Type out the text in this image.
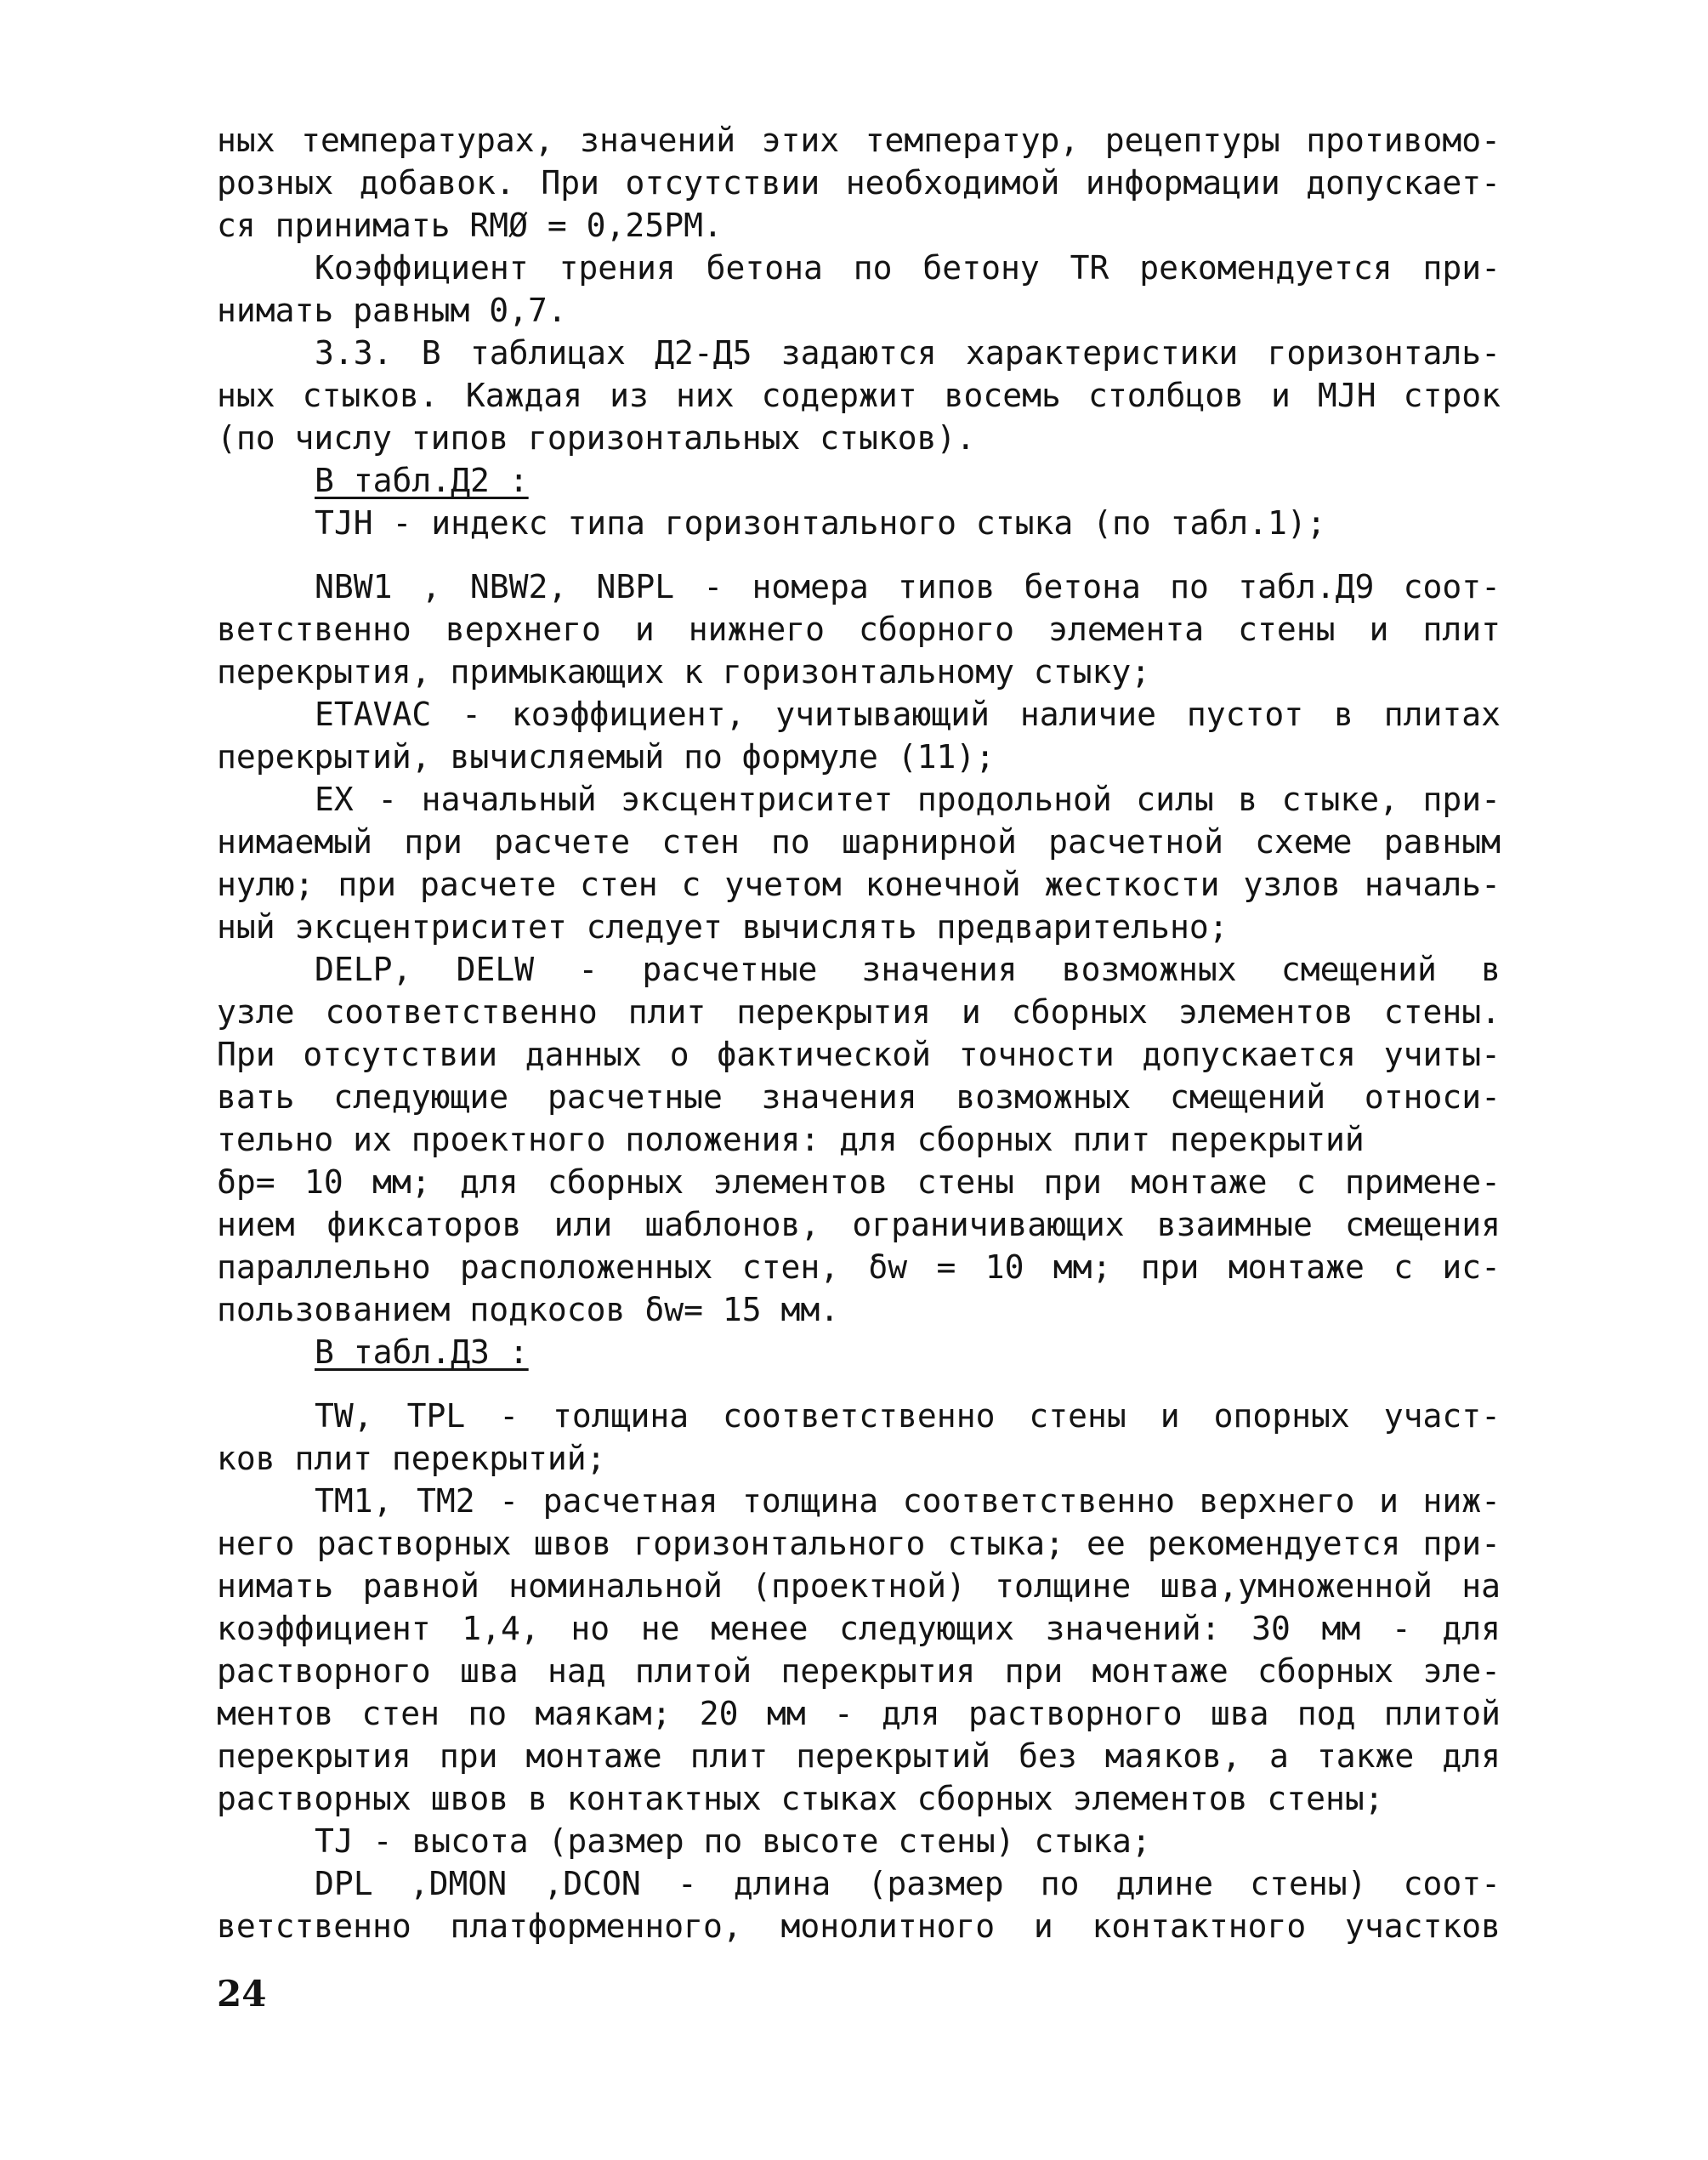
ных температурах, значений этих температур, рецептуры противомо-
розных добавок. При отсутствии необходимой информации допускает-
ся принимать RMØ = 0,25PM.
Коэффициент трения бетона по бетону TR рекомендуется при-
нимать равным 0,7.
3.3. В таблицах Д2-Д5 задаются характеристики горизонталь-
ных стыков. Каждая из них содержит восемь столбцов и MJH строк
(по числу типов горизонтальных стыков).
В табл.Д2 :
TJH - индекс типа горизонтального стыка (по табл.1);
NBW1 , NBW2, NBPL - номера типов бетона по табл.Д9 соот-
ветственно верхнего и нижнего сборного элемента стены и плит
перекрытия, примыкающих к горизонтальному стыку;
ETAVAC - коэффициент, учитывающий наличие пустот в плитах
перекрытий, вычисляемый по формуле (11);
EX - начальный эксцентриситет продольной силы в стыке, при-
нимаемый при расчете стен по шарнирной расчетной схеме равным
нулю; при расчете стен с учетом конечной жесткости узлов началь-
ный эксцентриситет следует вычислять предварительно;
DELP, DELW - расчетные значения возможных смещений в
узле соответственно плит перекрытия и сборных элементов стены.
При отсутствии данных о фактической точности допускается учиты-
вать следующие расчетные значения возможных смещений относи-
тельно их проектного положения: для сборных плит перекрытий
δp= 10 мм; для сборных элементов стены при монтаже с примене-
нием фиксаторов или шаблонов, ограничивающих взаимные смещения
параллельно расположенных стен, δw = 10 мм; при монтаже с ис-
пользованием подкосов δw= 15 мм.
В табл.Д3 :
TW, TPL - толщина соответственно стены и опорных участ-
ков плит перекрытий;
TM1, TM2 - расчетная толщина соответственно верхнего и ниж-
него растворных швов горизонтального стыка; ее рекомендуется при-
нимать равной номинальной (проектной) толщине шва,умноженной на
коэффициент 1,4, но не менее следующих значений: 30 мм - для
растворного шва над плитой перекрытия при монтаже сборных эле-
ментов стен по маякам; 20 мм - для растворного шва под плитой
перекрытия при монтаже плит перекрытий без маяков, а также для
растворных швов в контактных стыках сборных элементов стены;
TJ - высота (размер по высоте стены) стыка;
DPL ,DMON ,DCON - длина (размер по длине стены) соот-
ветственно платформенного, монолитного и контактного участков
24
